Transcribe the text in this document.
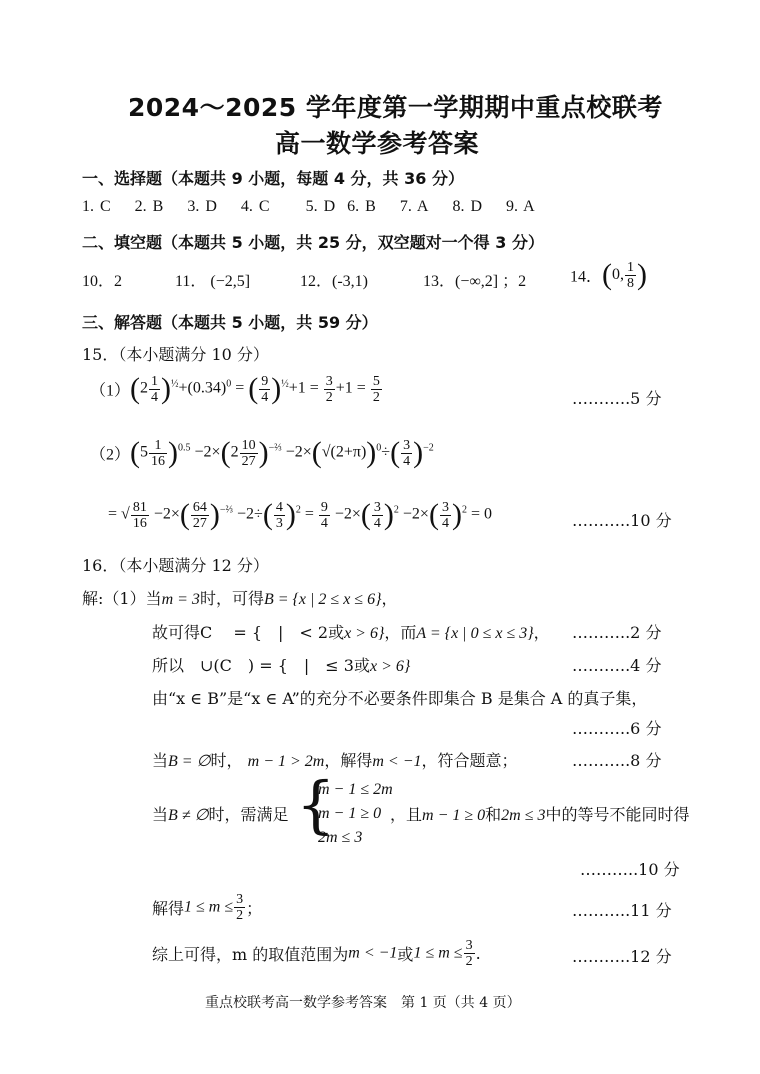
2024～2025 学年度第一学期期中重点校联考
高一数学参考答案
一、选择题（本题共 9 小题，每题 4 分，共 36 分）
1. C 2. B 3. D 4. C 5. D 6. B 7. A 8. D 9. A
二、填空题（本题共 5 小题，共 25 分，双空题对一个得 3 分）
10．2	11． (−2,5]	12．(-3,1)	13．(−∞,2] ；2	14．(0, $\frac{1}{8}$ )
三、解答题（本题共 5 小题，共 59 分）
15．（本小题满分 10 分）
$(1)(2 \frac{1}{4} )^{\frac{1}{2}}+(0.34)^0$ = ( $\frac{9}{4} )^{\frac{1}{2}}+1 = \frac{3}{2} +1 = \frac{5}{2}$	………..5 分
$(2)(5 \frac{1}{16} )^{0.5} -2\times(2 \frac{10}{27} )^{-\frac{2}{3}} -2\times(√(2+\pi))^0\div( \frac{3}{4} )^{-2}$
= √ $\frac{81}{16} -2\times( \frac{64}{27} )^{-\frac{2}{3}} -2\div( \frac{4}{3} )^2 = \frac{9}{4} -2\times( \frac{3}{4} )^2 -2\times( \frac{3}{4} )^2 = 0$	………..10 分
16．（本小题满分 12 分）
解:（1）当m = 3时，可得B = {x | 2 ≤ x ≤ 6}，
故可得C　 = {　|　< 2或x > 6}，而A = {x | 0 ≤ x ≤ 3}， ………..2 分
所以　∪(C　) = {　|　≤ 3或x > 6}	………..4 分
由“x ∈ B”是“x ∈ A”的充分不必要条件即集合 B 是集合 A 的真子集，
………..6 分
当B = ∅时， m − 1 > 2m，解得m < −1，符合题意；	………..8 分
当B ≠ ∅时，需满足 {
m − 1 ≤ 2m
m − 1 ≥ 0
2m ≤ 3
，且m − 1 ≥ 0和2m ≤ 3中的等号不能同时得
………..10 分
解得$1 \le m \le \frac{3}{2}$ ；	………..11 分
综上可得，m 的取值范围为m < −1或$1 \le m \le \frac{3}{2}$ .	………..12 分
重点校联考高一数学参考答案　第 1 页（共 4 页）
